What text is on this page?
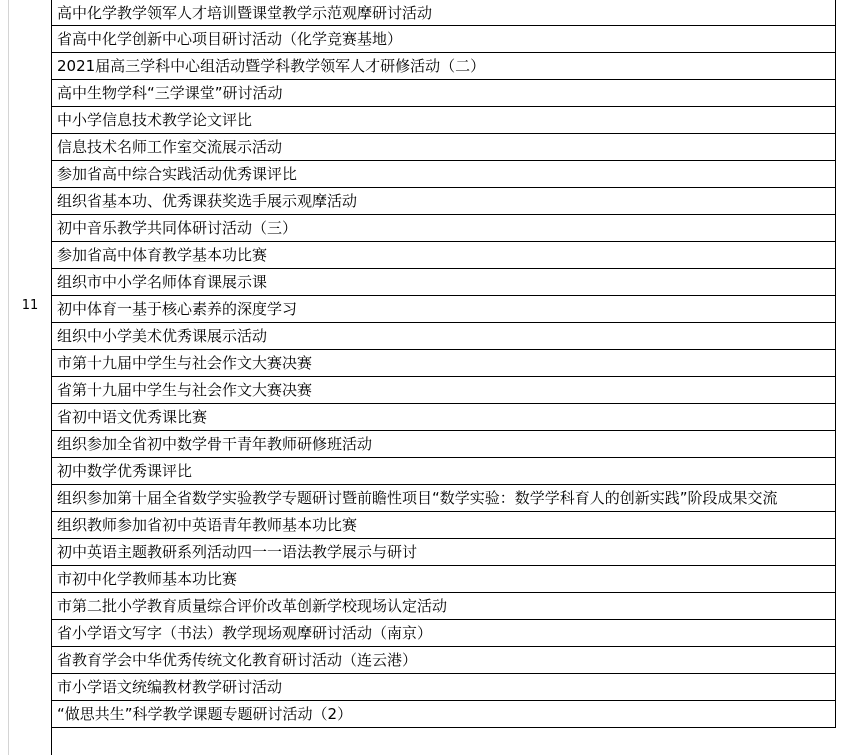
11
高中化学教学领军人才培训暨课堂教学示范观摩研讨活动
省高中化学创新中心项目研讨活动（化学竞赛基地）
2021届高三学科中心组活动暨学科教学领军人才研修活动（二）
高中生物学科“三学课堂”研讨活动
中小学信息技术教学论文评比
信息技术名师工作室交流展示活动
参加省高中综合实践活动优秀课评比
组织省基本功、优秀课获奖选手展示观摩活动
初中音乐教学共同体研讨活动（三）
参加省高中体育教学基本功比赛
组织市中小学名师体育课展示课
初中体育一基于核心素养的深度学习
组织中小学美术优秀课展示活动
市第十九届中学生与社会作文大赛决赛
省第十九届中学生与社会作文大赛决赛
省初中语文优秀课比赛
组织参加全省初中数学骨干青年教师研修班活动
初中数学优秀课评比
组织参加第十届全省数学实验教学专题研讨暨前瞻性项目“数学实验：数学学科育人的创新实践”阶段成果交流
组织教师参加省初中英语青年教师基本功比赛
初中英语主题教研系列活动四一一语法教学展示与研讨
市初中化学教师基本功比赛
市第二批小学教育质量综合评价改革创新学校现场认定活动
省小学语文写字（书法）教学现场观摩研讨活动（南京）
省教育学会中华优秀传统文化教育研讨活动（连云港）
市小学语文统编教材教学研讨活动
“做思共生”科学教学课题专题研讨活动（2）
